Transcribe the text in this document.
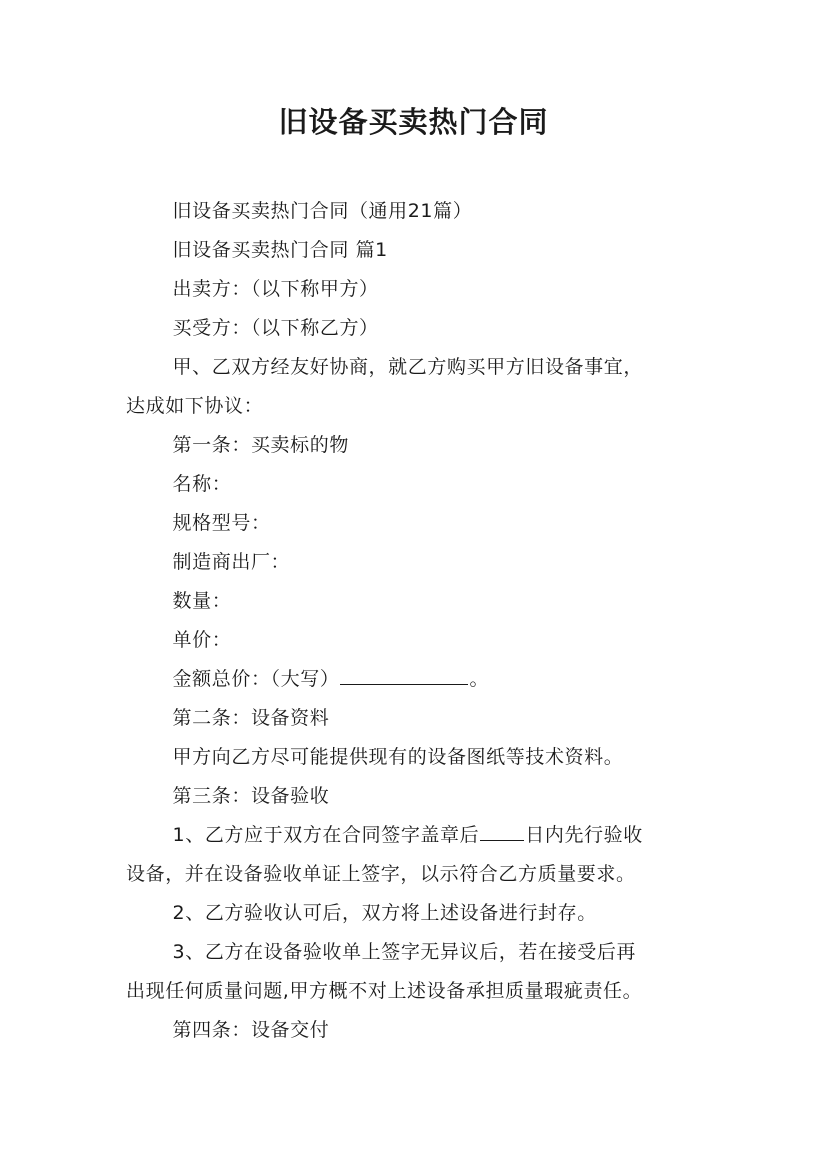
旧设备买卖热门合同

旧设备买卖热门合同（通用21篇）

旧设备买卖热门合同 篇1

出卖方：（以下称甲方）

买受方：（以下称乙方）

甲、乙双方经友好协商，就乙方购买甲方旧设备事宜，
达成如下协议：

第一条：买卖标的物

名称：

规格型号：

制造商出厂：

数量：

单价：

金额总价：（大写）	。

第二条：设备资料

甲方向乙方尽可能提供现有的设备图纸等技术资料。

第三条：设备验收

1、乙方应于双方在合同签字盖章后 日内先行验收
设备，并在设备验收单证上签字，以示符合乙方质量要求。

2、乙方验收认可后，双方将上述设备进行封存。

3、乙方在设备验收单上签字无异议后，若在接受后再
出现任何质量问题,甲方概不对上述设备承担质量瑕疵责任。

第四条：设备交付
